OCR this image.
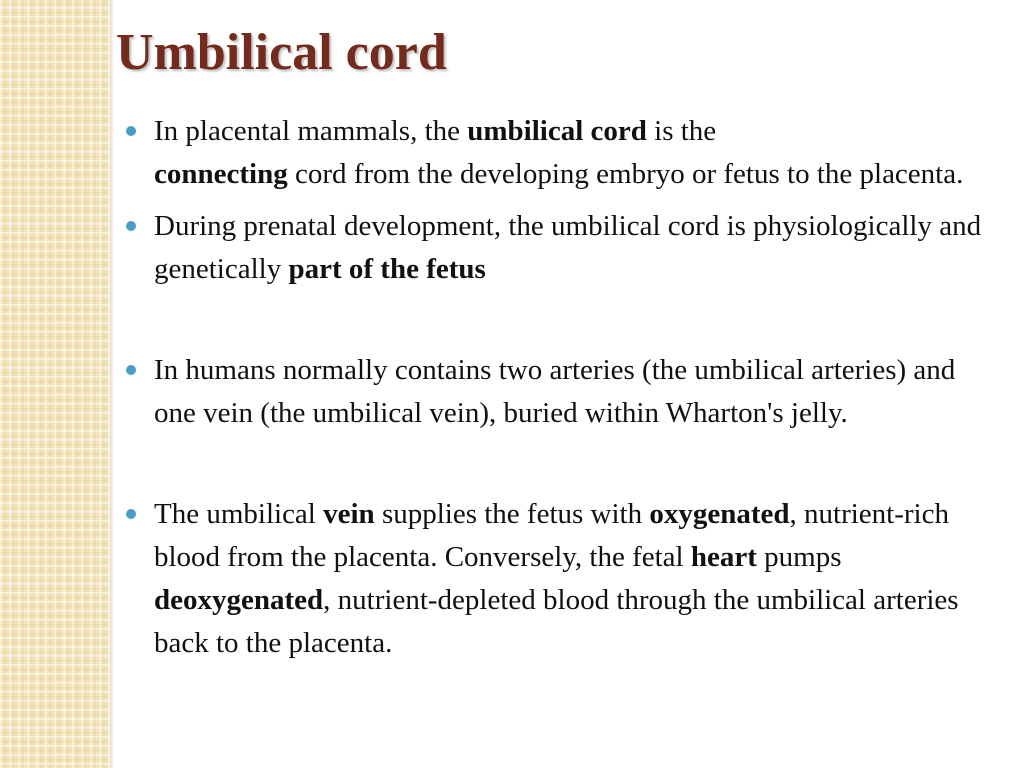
Umbilical cord
In placental mammals, the umbilical cord is the
connecting cord from the developing embryo or fetus to the placenta.
During prenatal development, the umbilical cord is physiologically and genetically part of the fetus
In humans normally contains two arteries (the umbilical arteries) and one vein (the umbilical vein), buried within Wharton's jelly.
The umbilical vein supplies the fetus with oxygenated, nutrient-rich blood from the placenta. Conversely, the fetal heart pumps deoxygenated, nutrient-depleted blood through the umbilical arteries back to the placenta.
